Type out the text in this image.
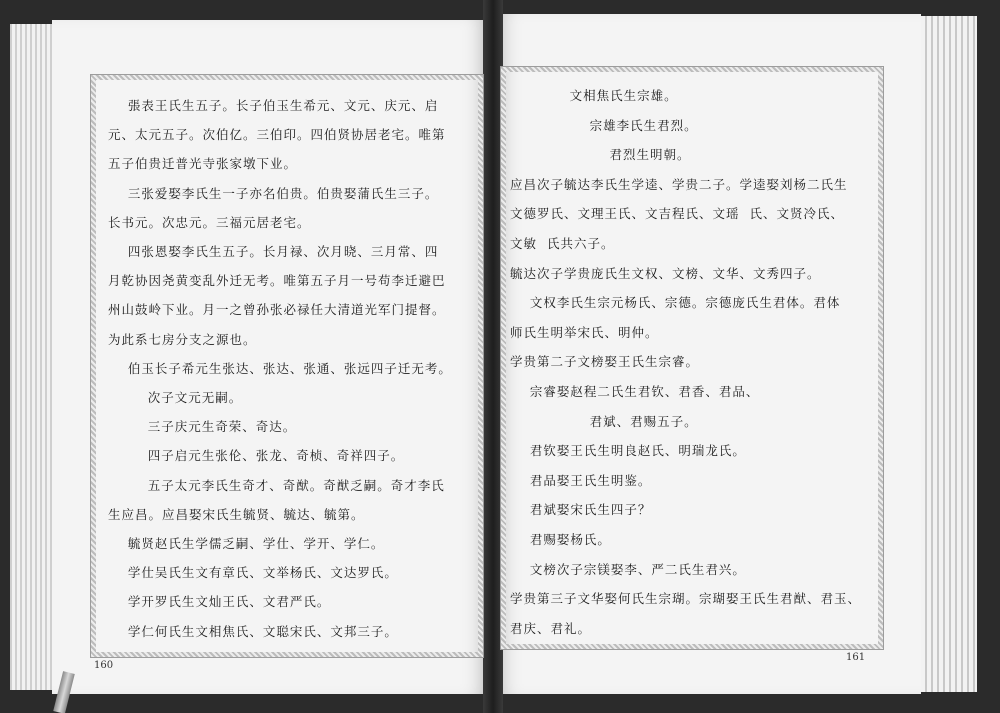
張表王氏生五子。长子伯玉生希元、文元、庆元、启
元、太元五子。次伯亿。三伯印。四伯贤协居老宅。唯第
五子伯贵迁普光寺张家墩下业。
三张爱娶李氏生一子亦名伯贵。伯贵娶蒲氏生三子。
长书元。次忠元。三福元居老宅。
四张恩娶李氏生五子。长月禄、次月晓、三月常、四
月乾协因尧黄变乱外迁无考。唯第五子月一号苟李迁避巴
州山鼓岭下业。月一之曾孙张必禄任大清道光军门提督。
为此系七房分支之源也。
伯玉长子希元生张达、张达、张通、张远四子迁无考。
次子文元无嗣。
三子庆元生奇荣、奇达。
四子启元生张伦、张龙、奇桢、奇祥四子。
五子太元李氏生奇才、奇猷。奇猷乏嗣。奇才李氏
生应昌。应昌娶宋氏生毓贤、毓达、毓第。
毓贤赵氏生学儒乏嗣、学仕、学开、学仁。
学仕吴氏生文有章氏、文举杨氏、文达罗氏。
学开罗氏生文灿王氏、文君严氏。
学仁何氏生文相焦氏、文聪宋氏、文邦三子。
文相焦氏生宗雄。
宗雄李氏生君烈。
君烈生明朝。
应昌次子毓达李氏生学逵、学贵二子。学逵娶刘杨二氏生
文德罗氏、文理王氏、文吉程氏、文瑶  氏、文贤冷氏、
文敏  氏共六子。
毓达次子学贵庞氏生文权、文榜、文华、文秀四子。
文权李氏生宗元杨氏、宗德。宗德庞氏生君体。君体
师氏生明举宋氏、明仲。
学贵第二子文榜娶王氏生宗睿。
宗睿娶赵程二氏生君钦、君香、君品、
君斌、君赐五子。
君钦娶王氏生明良赵氏、明瑞龙氏。
君品娶王氏生明鉴。
君斌娶宋氏生四子？
君赐娶杨氏。
文榜次子宗镁娶李、严二氏生君兴。
学贵第三子文华娶何氏生宗瑚。宗瑚娶王氏生君猷、君玉、
君庆、君礼。
160
161
